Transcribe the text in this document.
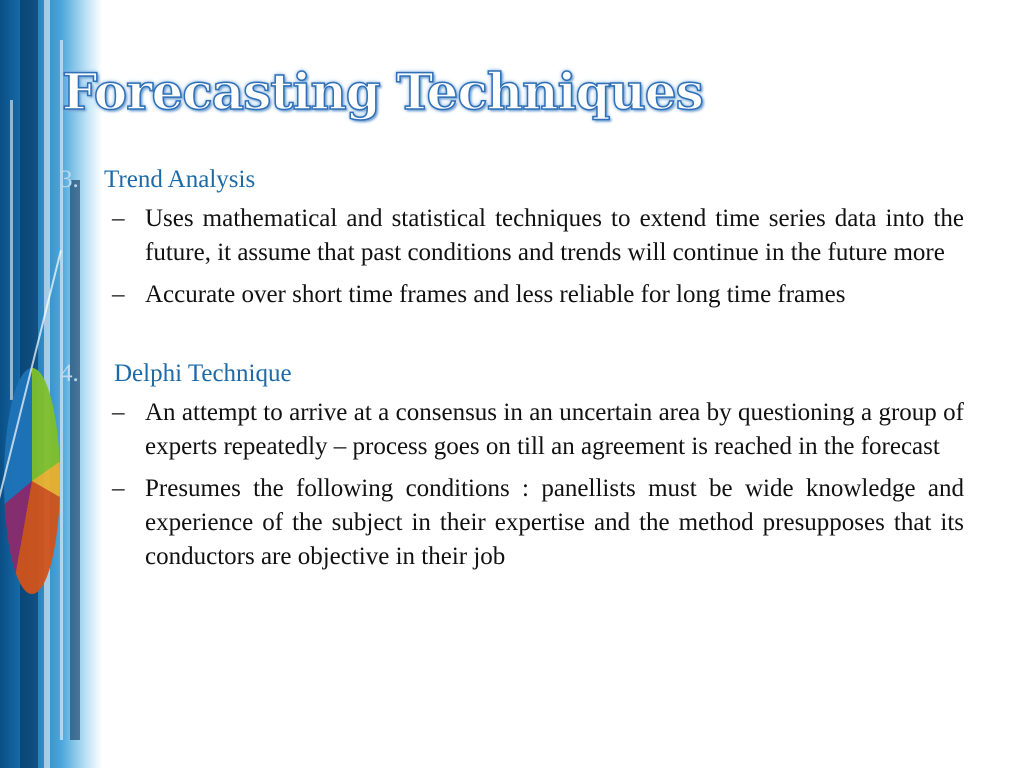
Forecasting Techniques
3.	Trend Analysis
– Uses mathematical and statistical techniques to extend time series data into the future, it assume that past conditions and trends will continue in the future more
– Accurate over short time frames and less reliable for long time frames
4.	Delphi Technique
– An attempt to arrive at a consensus in an uncertain area by questioning a group of experts repeatedly – process goes on till an agreement is reached in the forecast
– Presumes the following conditions : panellists must be wide knowledge and experience of the subject in their expertise and the method presupposes that its conductors are objective in their job
